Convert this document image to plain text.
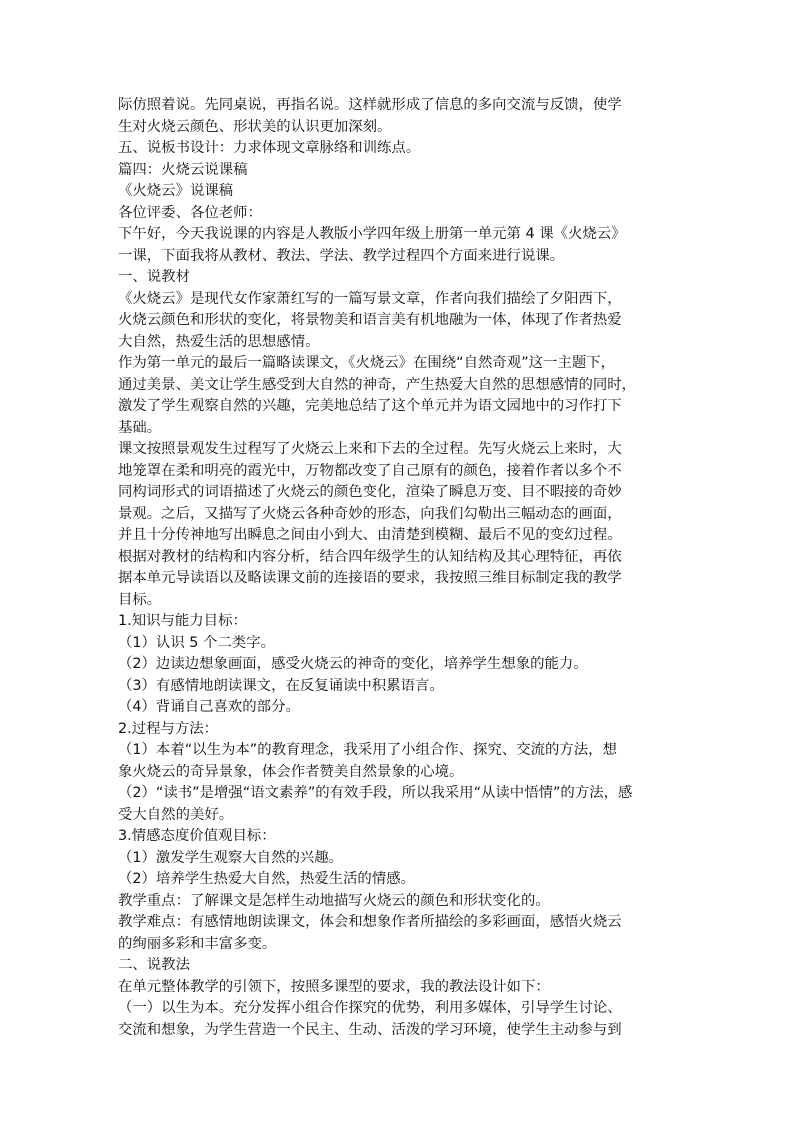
际仿照着说。先同桌说，再指名说。这样就形成了信息的多向交流与反馈，使学
生对火烧云颜色、形状美的认识更加深刻。
五、说板书设计：力求体现文章脉络和训练点。
篇四：火烧云说课稿
《火烧云》说课稿
各位评委、各位老师：
下午好，今天我说课的内容是人教版小学四年级上册第一单元第 4 课《火烧云》
一课，下面我将从教材、教法、学法、教学过程四个方面来进行说课。
一、说教材
《火烧云》是现代女作家萧红写的一篇写景文章，作者向我们描绘了夕阳西下，
火烧云颜色和形状的变化，将景物美和语言美有机地融为一体，体现了作者热爱
大自然，热爱生活的思想感情。
作为第一单元的最后一篇略读课文，《火烧云》在围绕“自然奇观”这一主题下，
通过美景、美文让学生感受到大自然的神奇，产生热爱大自然的思想感情的同时，
激发了学生观察自然的兴趣，完美地总结了这个单元并为语文园地中的习作打下
基础。
课文按照景观发生过程写了火烧云上来和下去的全过程。先写火烧云上来时，大
地笼罩在柔和明亮的霞光中，万物都改变了自己原有的颜色，接着作者以多个不
同构词形式的词语描述了火烧云的颜色变化，渲染了瞬息万变、目不暇接的奇妙
景观。之后，又描写了火烧云各种奇妙的形态，向我们勾勒出三幅动态的画面，
并且十分传神地写出瞬息之间由小到大、由清楚到模糊、最后不见的变幻过程。
根据对教材的结构和内容分析，结合四年级学生的认知结构及其心理特征，再依
据本单元导读语以及略读课文前的连接语的要求，我按照三维目标制定我的教学
目标。
1.知识与能力目标：
（1）认识 5 个二类字。
（2）边读边想象画面，感受火烧云的神奇的变化，培养学生想象的能力。
（3）有感情地朗读课文，在反复诵读中积累语言。
（4）背诵自己喜欢的部分。
2.过程与方法：
（1）本着“以生为本”的教育理念，我采用了小组合作、探究、交流的方法，想
象火烧云的奇异景象，体会作者赞美自然景象的心境。
（2）“读书”是增强“语文素养”的有效手段，所以我采用“从读中悟情”的方法，感
受大自然的美好。
3.情感态度价值观目标：
（1）激发学生观察大自然的兴趣。
（2）培养学生热爱大自然，热爱生活的情感。
教学重点：了解课文是怎样生动地描写火烧云的颜色和形状变化的。
教学难点：有感情地朗读课文，体会和想象作者所描绘的多彩画面，感悟火烧云
的绚丽多彩和丰富多变。
二、说教法
在单元整体教学的引领下，按照多课型的要求，我的教法设计如下：
（一）以生为本。充分发挥小组合作探究的优势，利用多媒体，引导学生讨论、
交流和想象，为学生营造一个民主、生动、活泼的学习环境，使学生主动参与到
